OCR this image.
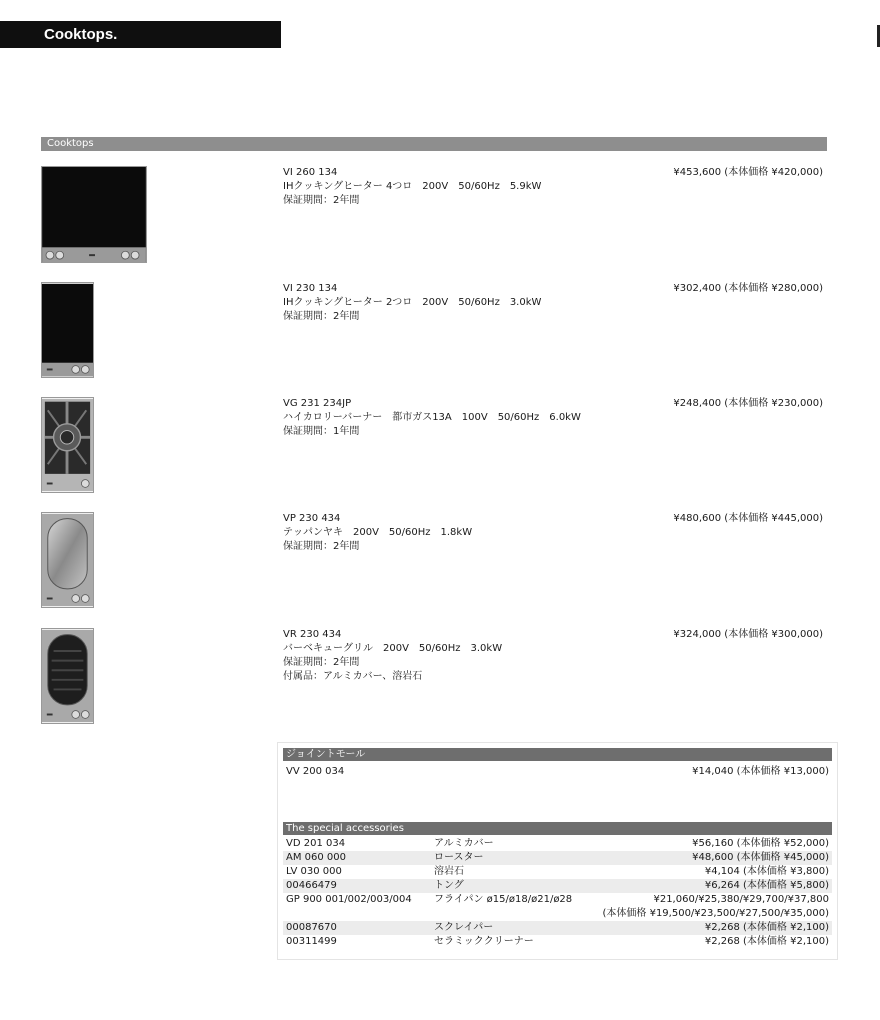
Cooktops.
Cooktops
VI 260 134
IHクッキングヒーター 4つロ　200V　50/60Hz　5.9kW
保証期間：2年間
¥453,600 (本体価格 ¥420,000)
VI 230 134
IHクッキングヒーター 2つロ　200V　50/60Hz　3.0kW
保証期間：2年間
¥302,400 (本体価格 ¥280,000)
VG 231 234JP
ハイカロリーバーナー　都市ガス13A　100V　50/60Hz　6.0kW
保証期間：1年間
¥248,400 (本体価格 ¥230,000)
VP 230 434
テッパンヤキ　200V　50/60Hz　1.8kW
保証期間：2年間
¥480,600 (本体価格 ¥445,000)
VR 230 434
バーベキューグリル　200V　50/60Hz　3.0kW
保証期間：2年間
付属品：アルミカバー、溶岩石
¥324,000 (本体価格 ¥300,000)
ジョイントモール
VV 200 034	¥14,040 (本体価格 ¥13,000)
The special accessories
VD 201 034	アルミカバー	¥56,160 (本体価格 ¥52,000)
AM 060 000	ロースター	¥48,600 (本体価格 ¥45,000)
LV 030 000	溶岩石	¥4,104 (本体価格 ¥3,800)
00466479	トング	¥6,264 (本体価格 ¥5,800)
GP 900 001/002/003/004 フライパン ø15/ø18/ø21/ø28	¥21,060/¥25,380/¥29,700/¥37,800
(本体価格 ¥19,500/¥23,500/¥27,500/¥35,000)
00087670	スクレイパー	¥2,268 (本体価格 ¥2,100)
00311499	セラミッククリーナー	¥2,268 (本体価格 ¥2,100)
